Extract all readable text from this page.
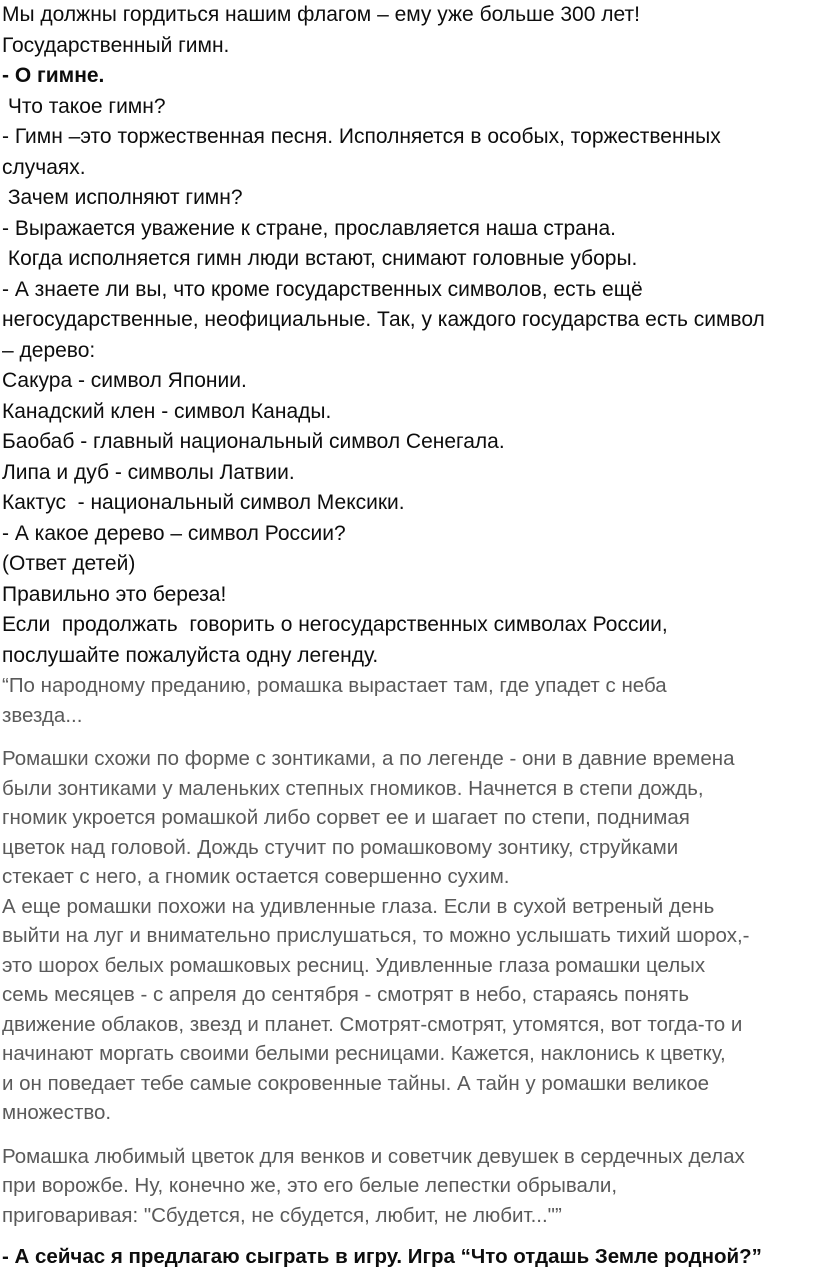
Мы должны гордиться нашим флагом – ему уже больше 300 лет!

Государственный гимн.

- О гимне.

Что такое гимн?

- Гимн –это торжественная песня. Исполняется в особых, торжественных

случаях.

Зачем исполняют гимн?

- Выражается уважение к стране, прославляется наша страна.

Когда исполняется гимн люди встают, снимают головные уборы.

- А знаете ли вы, что кроме государственных символов, есть ещё

негосударственные, неофициальные. Так, у каждого государства есть символ

– дерево:

Сакура - символ Японии.

Канадский клен - символ Канады.

Баобаб - главный национальный символ Сенегала.

Липа и дуб - символы Латвии.

Кактус  - национальный символ Мексики.

- А какое дерево – символ России?

(Ответ детей)

Правильно это береза!

Если  продолжать  говорить о негосударственных символах России,

послушайте пожалуйста одну легенду.

“По народному преданию, ромашка вырастает там, где упадет с неба

звезда...

Ромашки схожи по форме с зонтиками, а по легенде - они в давние времена

были зонтиками у маленьких степных гномиков. Начнется в степи дождь,

гномик укроется ромашкой либо сорвет ее и шагает по степи, поднимая

цветок над головой. Дождь стучит по ромашковому зонтику, струйками

стекает с него, а гномик остается совершенно сухим.

А еще ромашки похожи на удивленные глаза. Если в сухой ветреный день

выйти на луг и внимательно прислушаться, то можно услышать тихий шорох,-

это шорох белых ромашковых ресниц. Удивленные глаза ромашки целых

семь месяцев - с апреля до сентября - смотрят в небо, стараясь понять

движение облаков, звезд и планет. Смотрят-смотрят, утомятся, вот тогда-то и

начинают моргать своими белыми ресницами. Кажется, наклонись к цветку,

и он поведает тебе самые сокровенные тайны. А тайн у ромашки великое

множество.

Ромашка любимый цветок для венков и советчик девушек в сердечных делах

при ворожбе. Ну, конечно же, это его белые лепестки обрывали,

приговаривая: "Сбудется, не сбудется, любит, не любит..."”

- А сейчас я предлагаю сыграть в игру. Игра “Что отдашь Земле родной?”
